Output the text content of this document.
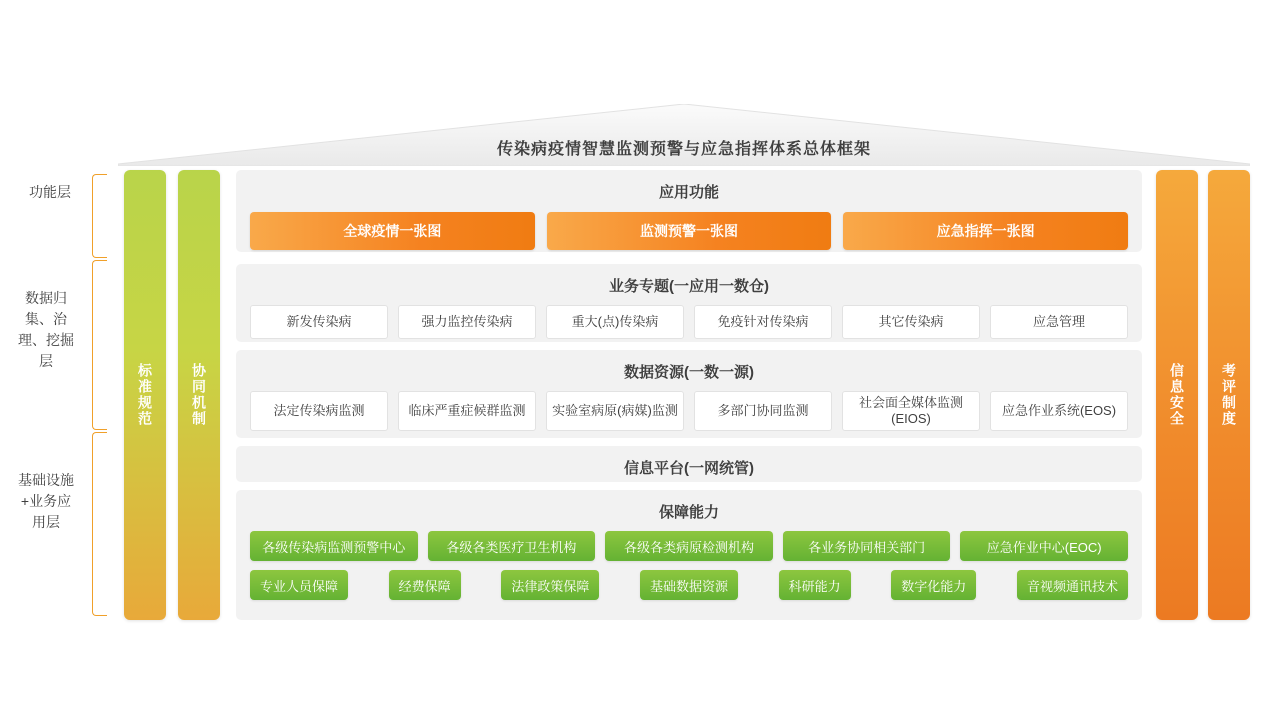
传染病疫情智慧监测预警与应急指挥体系总体框架
功能层
数据归集、治理、挖掘层
基础设施+业务应用层
标准规范	协同机制	信息安全	考评制度
应用功能
全球疫情一张图	监测预警一张图	应急指挥一张图
业务专题(一应用一数仓)
新发传染病	强力监控传染病	重大(点)传染病	免疫针对传染病	其它传染病	应急管理
数据资源(一数一源)
法定传染病监测	临床严重症候群监测	实验室病原(病媒)监测	多部门协同监测
社会面全媒体监测(EIOS)
应急作业系统(EOS)
信息平台(一网统管)
保障能力
各级传染病监测预警中心	各级各类医疗卫生机构	各级各类病原检测机构	各业务协同相关部门	应急作业中心(EOC)
专业人员保障	经费保障	法律政策保障	基础数据资源	科研能力	数字化能力	音视频通讯技术
